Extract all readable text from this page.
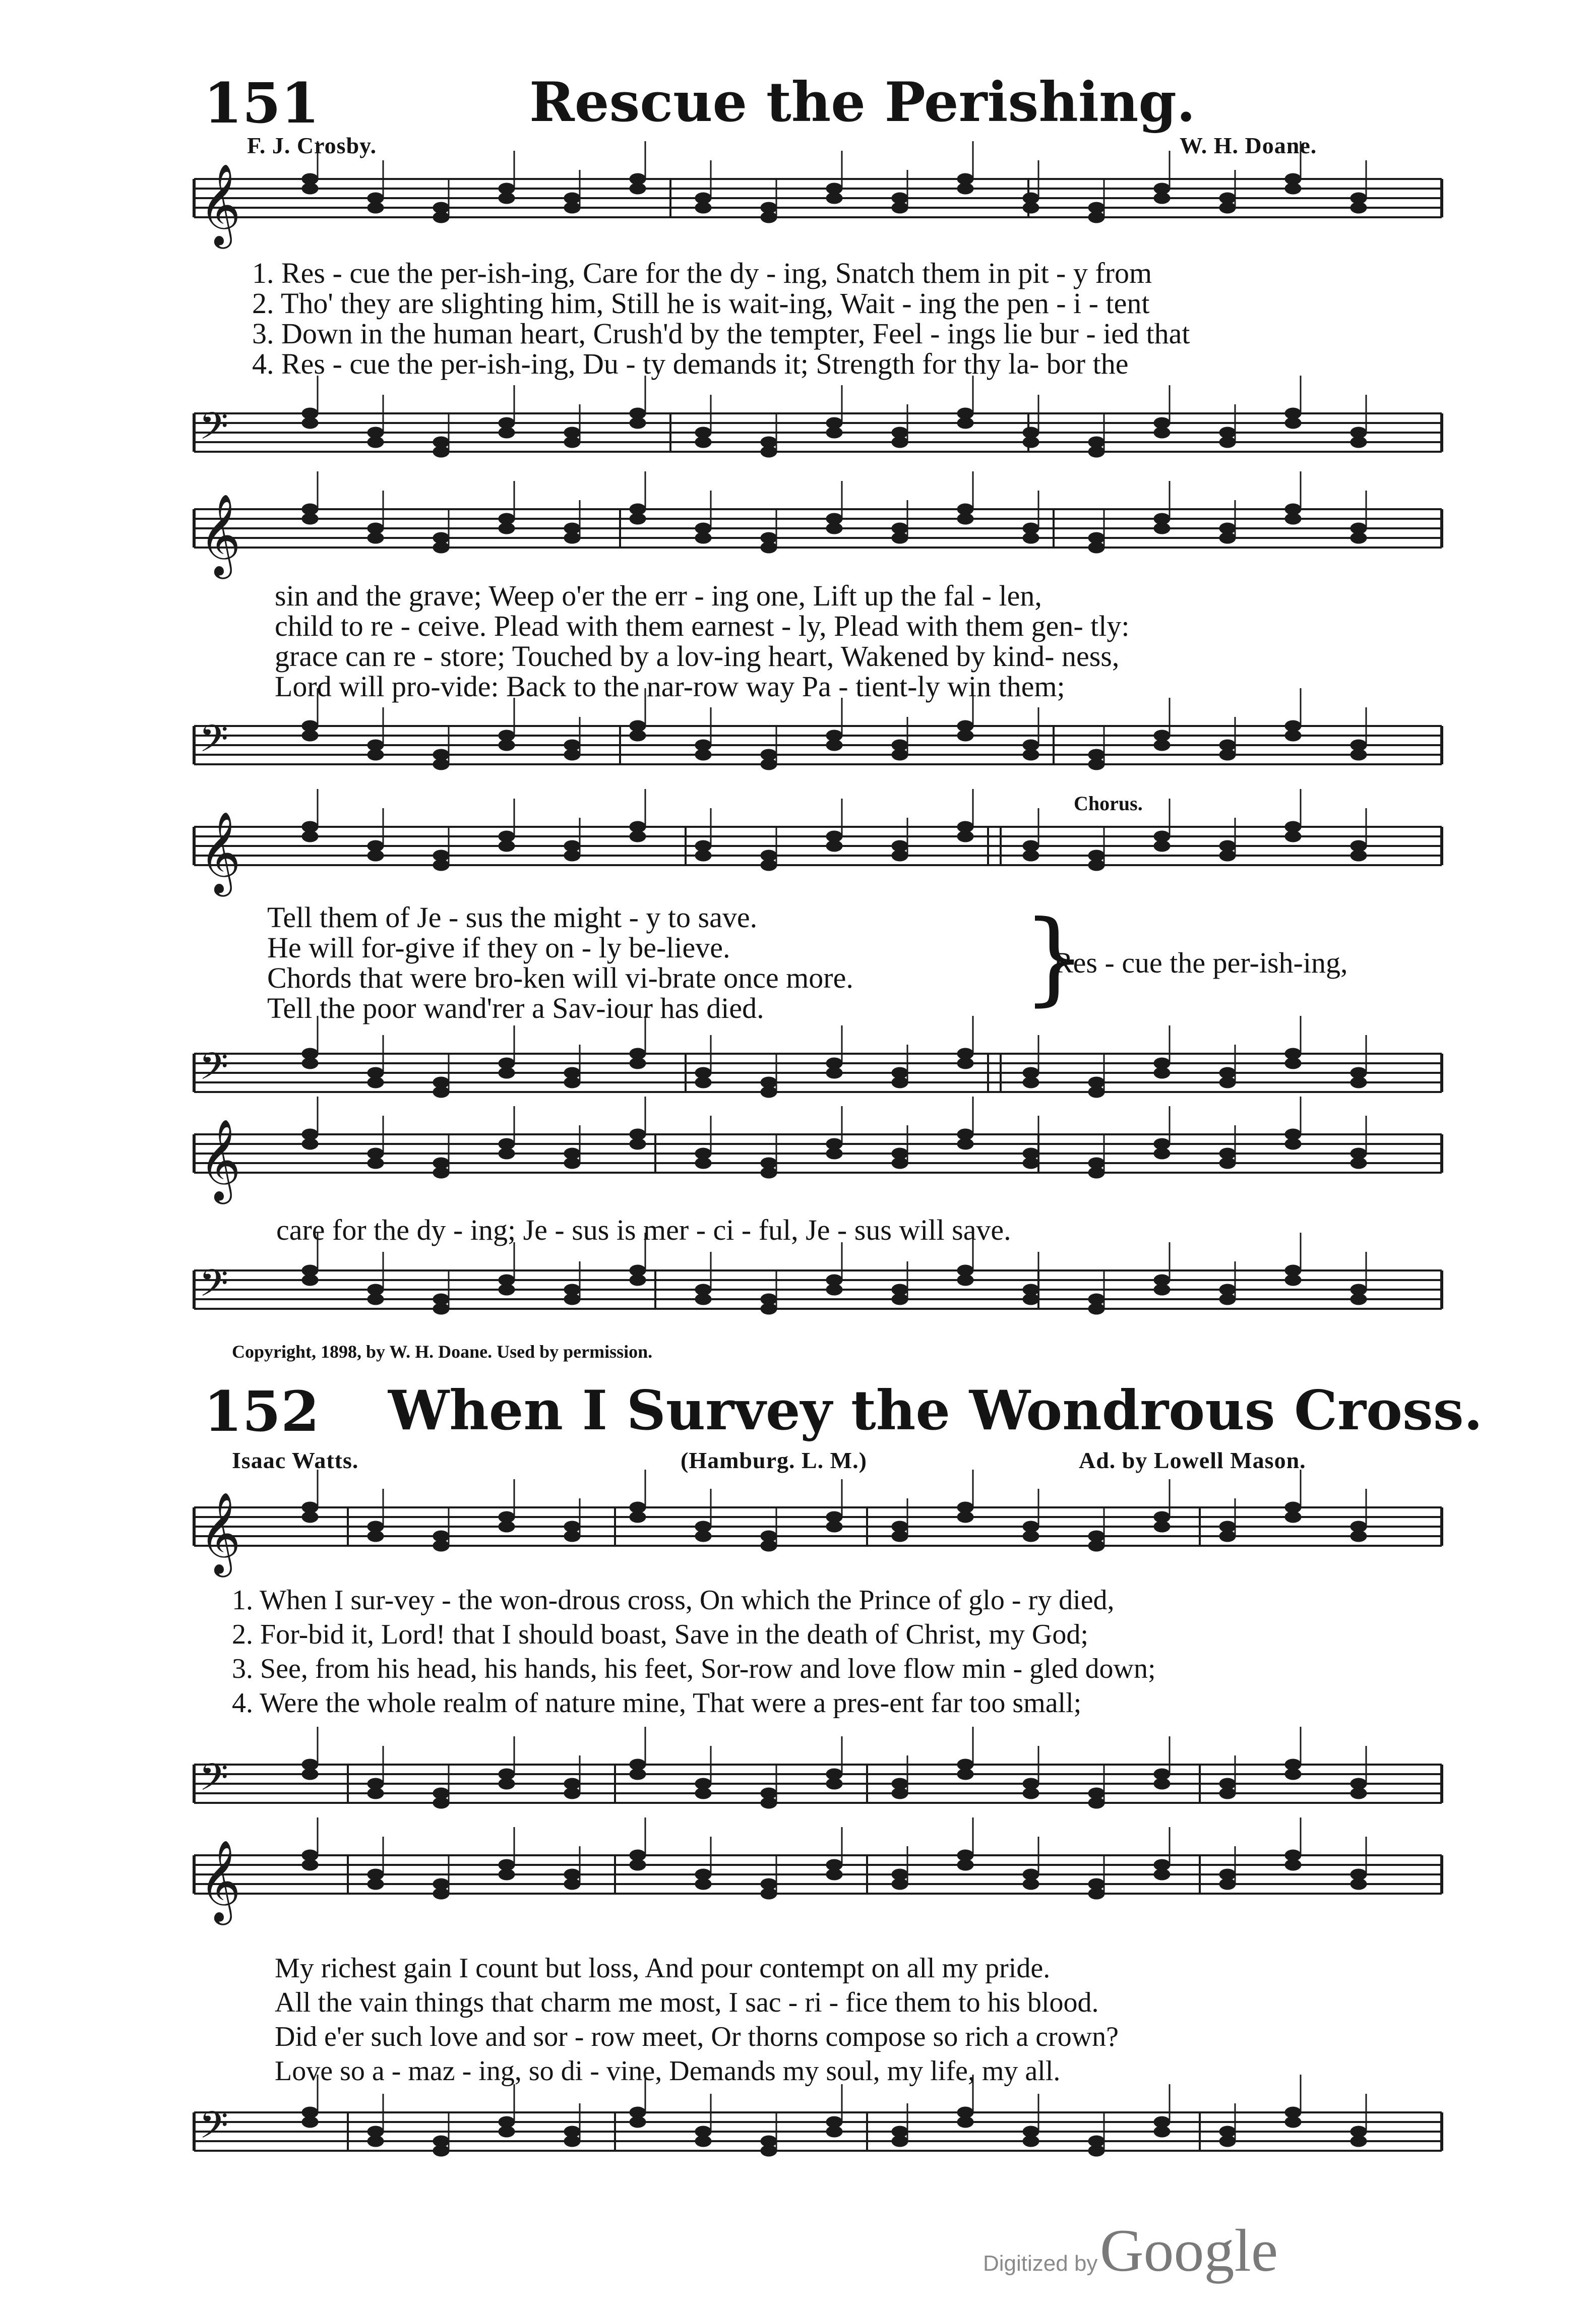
151	Rescue the Perishing.
F. J. Crosby.	W. H. Doane.
𝄞
𝄢
𝄞
𝄢
𝄞
𝄢
𝄞
𝄢
𝄞
𝄢
𝄞
𝄢
1. Res - cue the per-ish-ing, Care for the dy - ing, Snatch them in pit - y from
2. Tho' they are slighting him, Still he is wait-ing, Wait - ing the pen - i - tent
3. Down in the human heart, Crush'd by the tempter, Feel - ings lie bur - ied that
4. Res - cue the per-ish-ing, Du - ty demands it; Strength for thy la- bor the
sin and the grave; Weep o'er the err - ing one, Lift up the fal - len,
child to re - ceive. Plead with them earnest - ly, Plead with them gen- tly:
grace can re - store; Touched by a lov-ing heart, Wakened by kind- ness,
Lord will pro-vide: Back to the nar-row way Pa - tient-ly win them;
Chorus.
Tell them of Je - sus the might - y to save.
He will for-give if they on - ly be-lieve.
Chords that were bro-ken will vi-brate once more.
Tell the poor wand'rer a Sav-iour has died.	}
Res - cue the per-ish-ing,
care for the dy - ing; Je - sus is mer - ci - ful, Je - sus will save.
Copyright, 1898, by W. H. Doane. Used by permission.
152 When I Survey the Wondrous Cross.
Isaac Watts.	(Hamburg. L. M.)	Ad. by Lowell Mason.
1. When I sur-vey - the won-drous cross, On which the Prince of glo - ry died,
2. For-bid it, Lord! that I should boast, Save in the death of Christ, my God;
3. See, from his head, his hands, his feet, Sor-row and love flow min - gled down;
4. Were the whole realm of nature mine, That were a pres-ent far too small;
My richest gain I count but loss, And pour contempt on all my pride.
All the vain things that charm me most, I sac - ri - fice them to his blood.
Did e'er such love and sor - row meet, Or thorns compose so rich a crown?
Love so a - maz - ing, so di - vine, Demands my soul, my life, my all.
Digitized by Google
